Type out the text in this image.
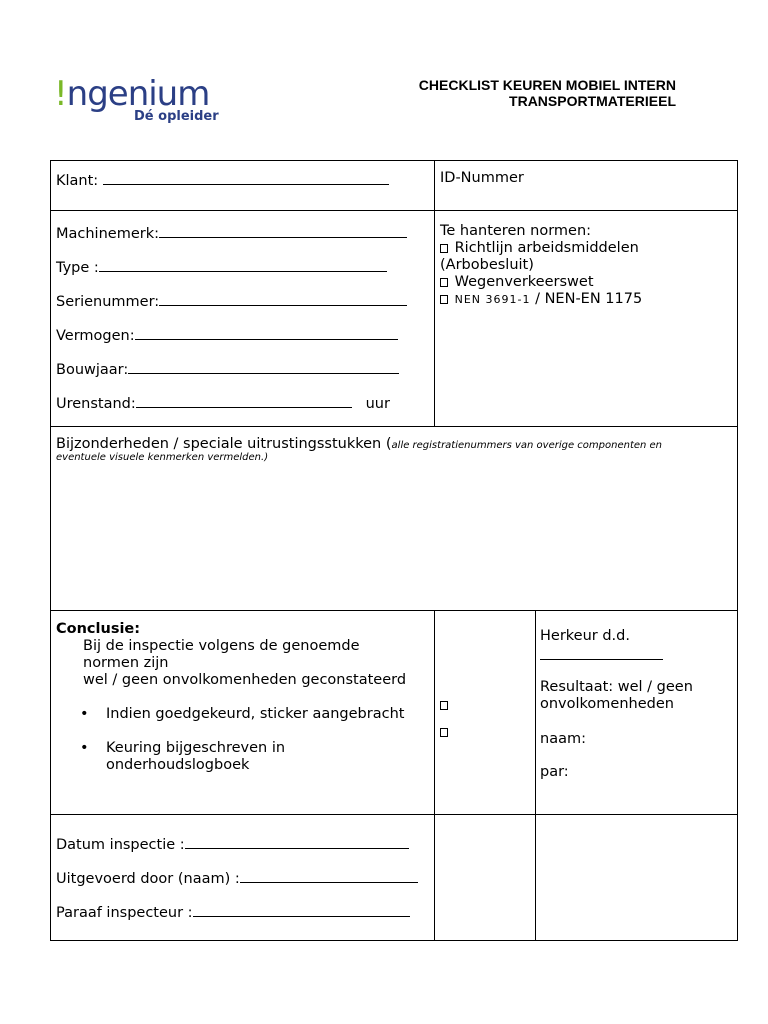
!ngenium
Dé opleider
CHECKLIST KEUREN MOBIEL INTERN
TRANSPORTMATERIEEL
Klant:	ID-Nummer
Machinemerk:
Type :
Serienummer:
Vermogen:
Bouwjaar:
Urenstand:	uur
Te hanteren normen:
Richtlijn arbeidsmiddelen
(Arbobesluit)
Wegenverkeerswet
NEN 3691-1 / NEN-EN 1175
Bijzonderheden / speciale uitrustingsstukken (alle registratienummers van overige componenten en
eventuele visuele kenmerken vermelden.)
Conclusie:
Bij de inspectie volgens de genoemde
normen zijn
wel / geen onvolkomenheden geconstateerd
• Indien goedgekeurd, sticker aangebracht
• Keuring bijgeschreven in
onderhoudslogboek
Herkeur d.d.
Resultaat: wel / geen
onvolkomenheden
naam:
par:
Datum inspectie :
Uitgevoerd door (naam) :
Paraaf inspecteur :
